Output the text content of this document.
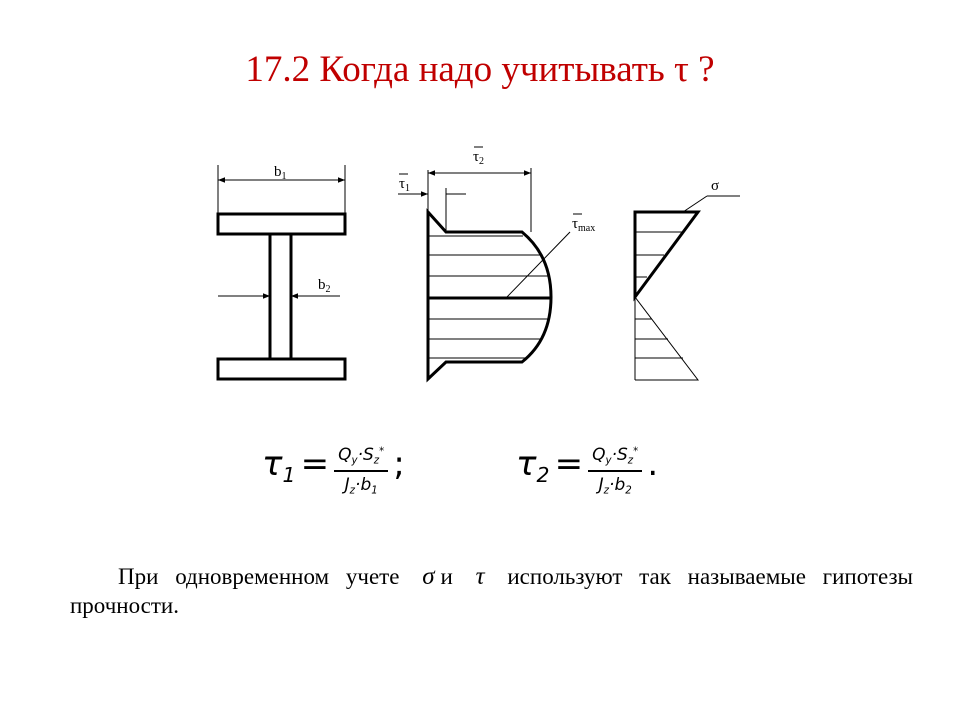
17.2 Когда надо учитывать τ ?
$b_1$
$b_2$
$\tau_1$
$\tau_2$
$\tau_{max}$
σ
$\tau_1 = \frac{Q_y\cdot S_z^*}{J_z\cdot b_1}$ ;	$\tau_2 = \frac{Q_y\cdot S_z^*}{J_z\cdot b_2}$ .
При одновременном учете σ и τ используют так называемые гипотезы прочности.
